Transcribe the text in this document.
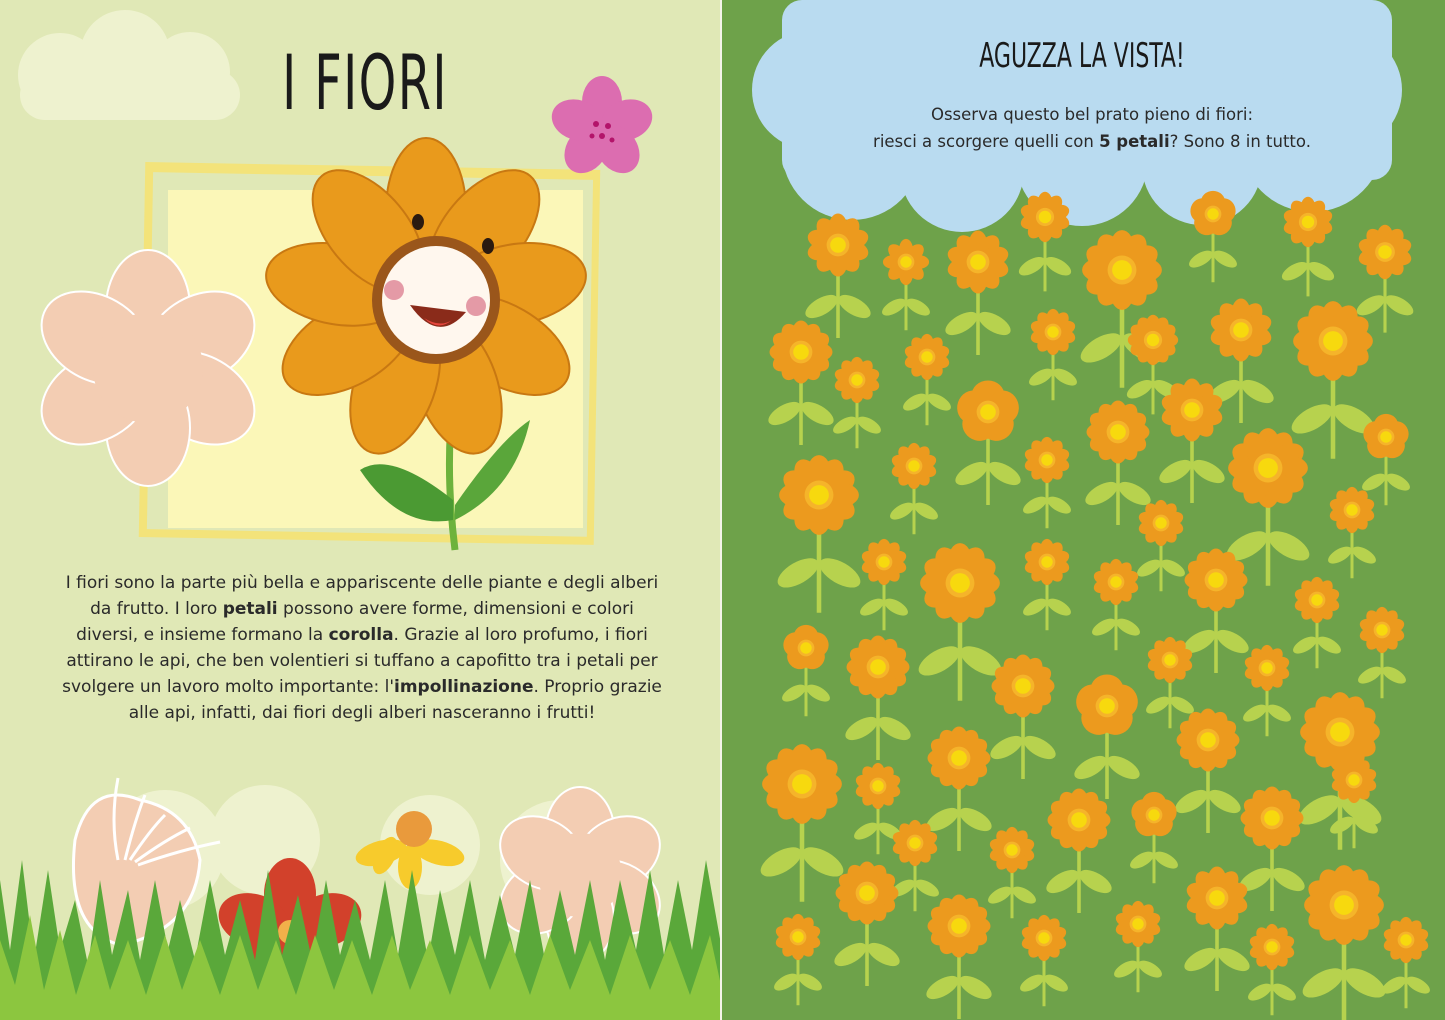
I FIORI

I fiori sono la parte più bella e appariscente delle piante e degli alberi da frutto. I loro petali possono avere forme, dimensioni e colori diversi, e insieme formano la corolla. Grazie al loro profumo, i fiori attirano le api, che ben volentieri si tuffano a capofitto tra i petali per svolgere un lavoro molto importante: l'impollinazione. Proprio grazie alle api, infatti, dai fiori degli alberi nasceranno i frutti!

AGUZZA LA VISTA!

Osserva questo bel prato pieno di fiori:
riesci a scorgere quelli con 5 petali? Sono 8 in tutto.
